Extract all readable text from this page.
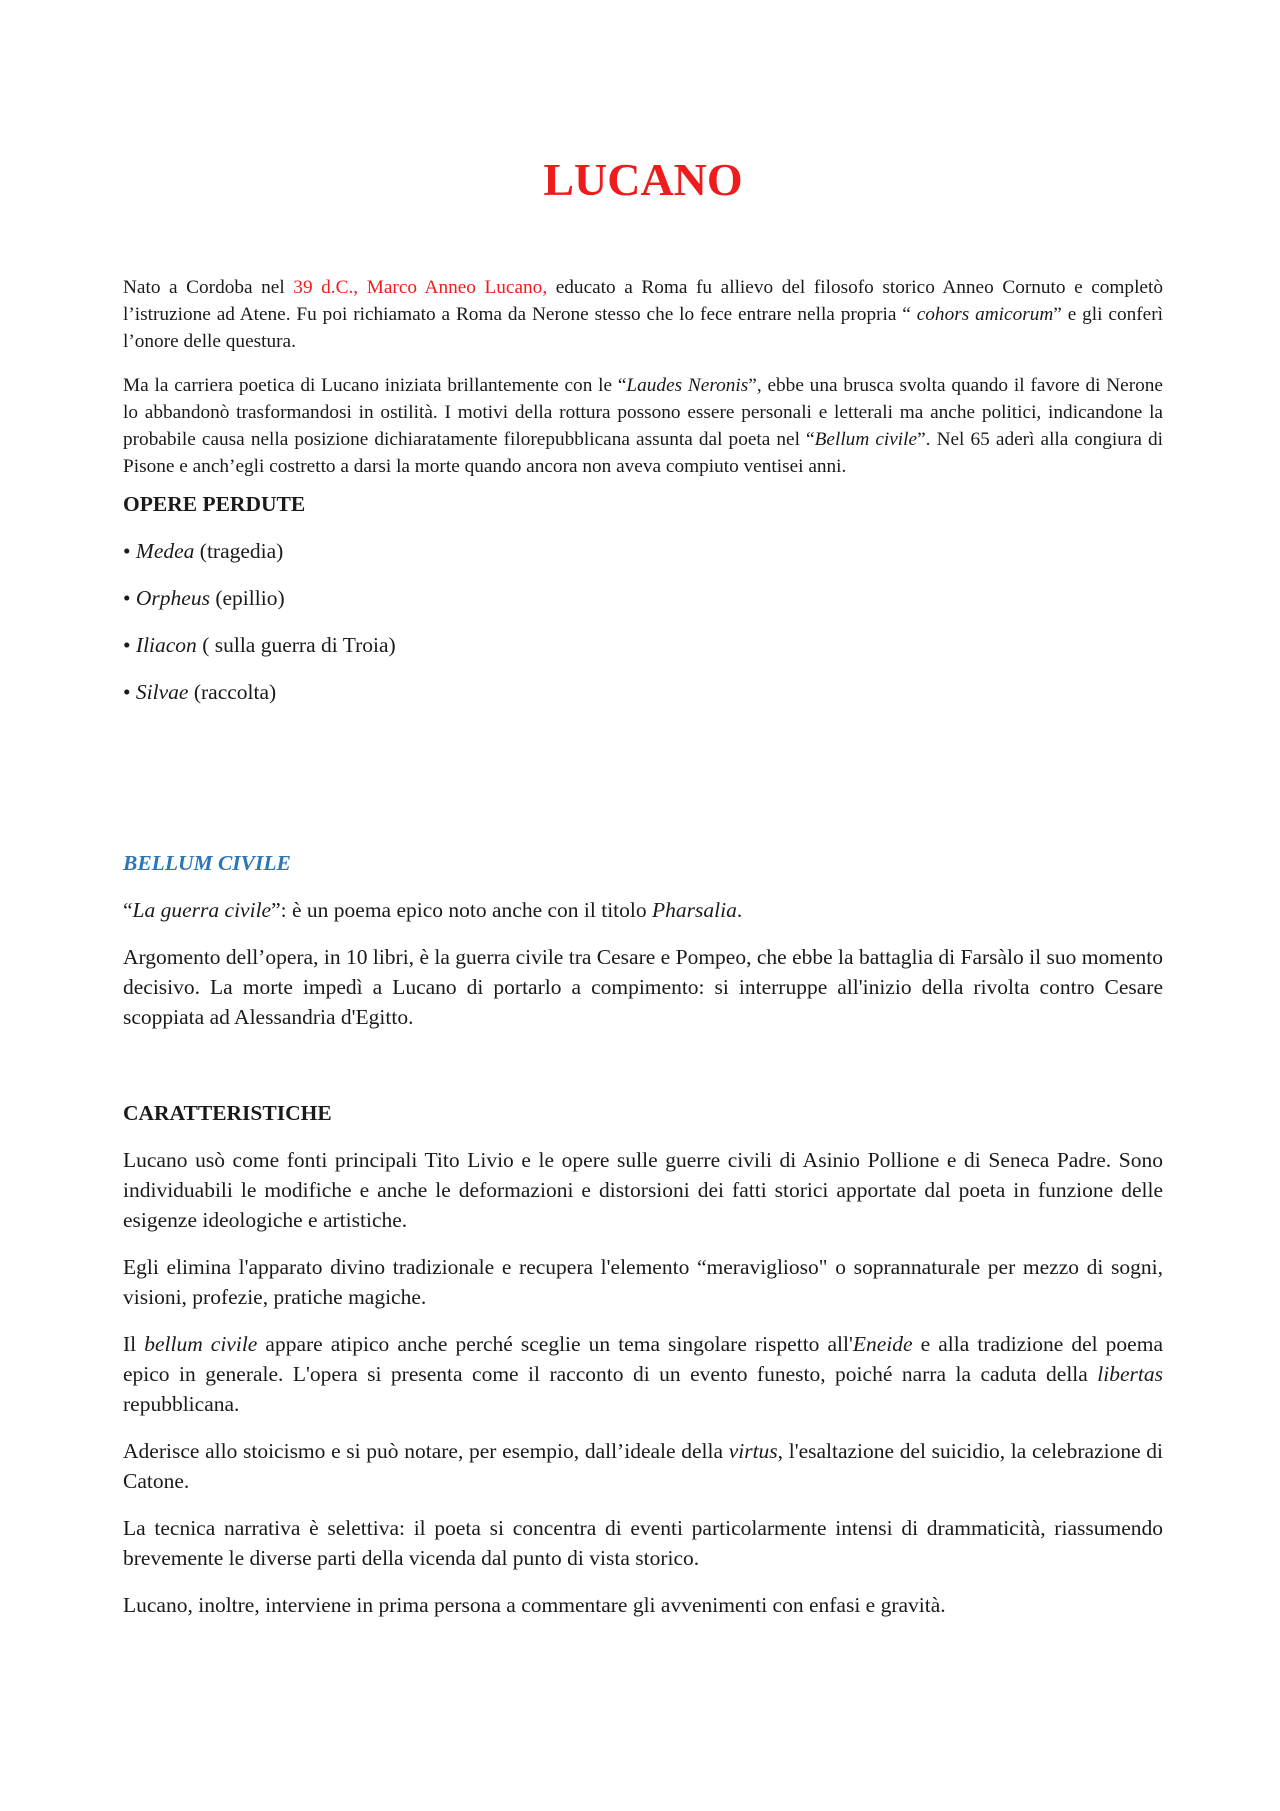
LUCANO

Nato a Cordoba nel 39 d.C., Marco Anneo Lucano, educato a Roma fu allievo del filosofo storico Anneo Cornuto e completò l’istruzione ad Atene. Fu poi richiamato a Roma da Nerone stesso che lo fece entrare nella propria “ cohors amicorum” e gli conferì l’onore delle questura.

Ma la carriera poetica di Lucano iniziata brillantemente con le “Laudes Neronis”, ebbe una brusca svolta quando il favore di Nerone lo abbandonò trasformandosi in ostilità. I motivi della rottura possono essere personali e letterali ma anche politici, indicandone la probabile causa nella posizione dichiaratamente filorepubblicana assunta dal poeta nel “Bellum civile”. Nel 65 aderì alla congiura di Pisone e anch’egli costretto a darsi la morte quando ancora non aveva compiuto ventisei anni.

OPERE PERDUTE
• Medea (tragedia)
• Orpheus (epillio)
• Iliacon ( sulla guerra di Troia)
• Silvae (raccolta)
BELLUM CIVILE

“La guerra civile”: è un poema epico noto anche con il titolo Pharsalia.

Argomento dell’opera, in 10 libri, è la guerra civile tra Cesare e Pompeo, che ebbe la battaglia di Farsàlo il suo momento decisivo. La morte impedì a Lucano di portarlo a compimento: si interruppe all'inizio della rivolta contro Cesare scoppiata ad Alessandria d'Egitto.

CARATTERISTICHE

Lucano usò come fonti principali Tito Livio e le opere sulle guerre civili di Asinio Pollione e di Seneca Padre. Sono individuabili le modifiche e anche le deformazioni e distorsioni dei fatti storici apportate dal poeta in funzione delle esigenze ideologiche e artistiche.

Egli elimina l'apparato divino tradizionale e recupera l'elemento “meraviglioso" o soprannaturale per mezzo di sogni, visioni, profezie, pratiche magiche.

Il bellum civile appare atipico anche perché sceglie un tema singolare rispetto all'Eneide e alla tradizione del poema epico in generale. L'opera si presenta come il racconto di un evento funesto, poiché narra la caduta della libertas repubblicana.

Aderisce allo stoicismo e si può notare, per esempio, dall’ideale della virtus, l'esaltazione del suicidio, la celebrazione di Catone.

La tecnica narrativa è selettiva: il poeta si concentra di eventi particolarmente intensi di drammaticità, riassumendo brevemente le diverse parti della vicenda dal punto di vista storico.

Lucano, inoltre, interviene in prima persona a commentare gli avvenimenti con enfasi e gravità.
